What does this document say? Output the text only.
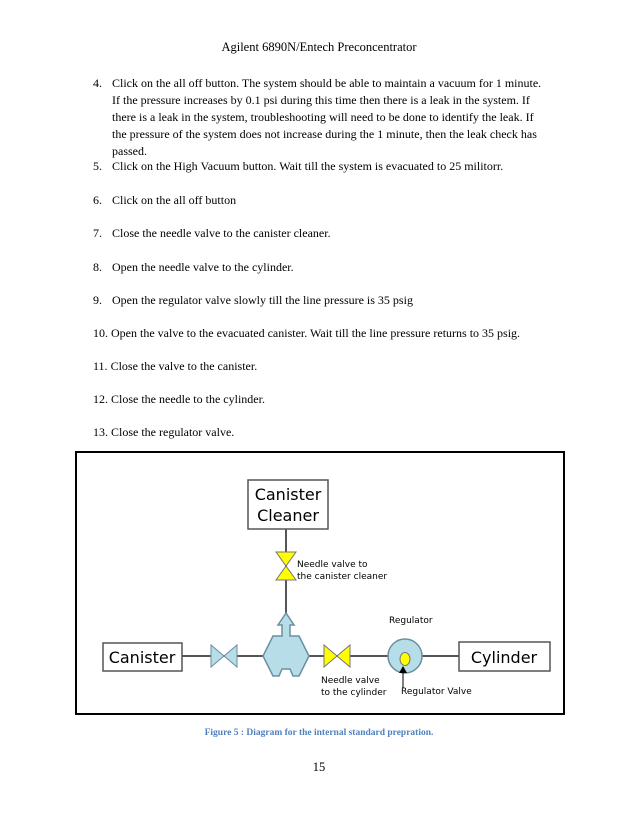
Agilent 6890N/Entech Preconcentrator
4. Click on the all off button. The system should be able to maintain a vacuum for 1 minute.
If the pressure increases by 0.1 psi during this time then there is a leak in the system. If
there is a leak in the system, troubleshooting will need to be done to identify the leak. If
the pressure of the system does not increase during the 1 minute, then the leak check has
passed.
5. Click on the High Vacuum button. Wait till the system is evacuated to 25 militorr.
6. Click on the all off button
7. Close the needle valve to the canister cleaner.
8. Open the needle valve to the cylinder.
9. Open the regulator valve slowly till the line pressure is 35 psig
10. Open the valve to the evacuated canister. Wait till the line pressure returns to 35 psig.
11. Close the valve to the canister.
12. Close the needle to the cylinder.
13. Close the regulator valve.
Canister
Cleaner
Needle valve to
the canister cleaner
Canister
Needle valve
to the cylinder
Regulator
Regulator Valve
Cylinder
Figure 5 : Diagram for the internal standard prepration.
15
